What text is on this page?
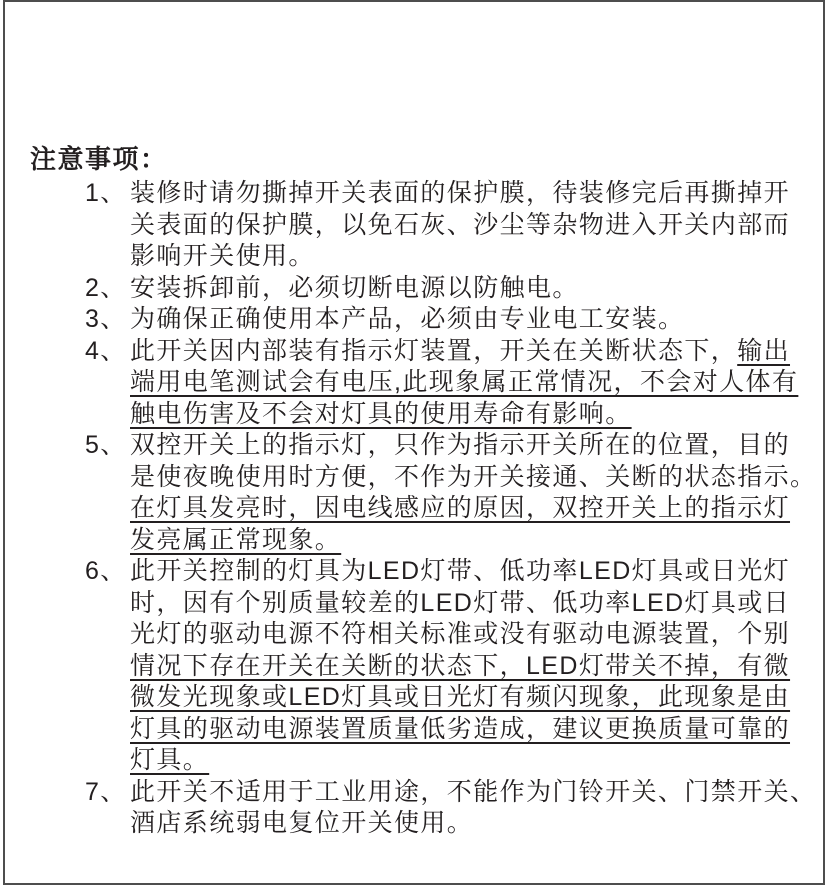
注意事项：
1、 装修时请勿撕掉开关表面的保护膜，待装修完后再撕掉开
关表面的保护膜，以免石灰、沙尘等杂物进入开关内部而
影响开关使用。
2、 安装拆卸前，必须切断电源以防触电。
3、 为确保正确使用本产品，必须由专业电工安装。
4、 此开关因内部装有指示灯装置，开关在关断状态下，输出
端用电笔测试会有电压,此现象属正常情况，不会对人体有
触电伤害及不会对灯具的使用寿命有影响。
5、 双控开关上的指示灯，只作为指示开关所在的位置，目的
是使夜晚使用时方便，不作为开关接通、关断的状态指示。
在灯具发亮时，因电线感应的原因，双控开关上的指示灯
发亮属正常现象。
6、 此开关控制的灯具为LED灯带、低功率LED灯具或日光灯
时，因有个别质量较差的LED灯带、低功率LED灯具或日
光灯的驱动电源不符相关标准或没有驱动电源装置，个别
情况下存在开关在关断的状态下，LED灯带关不掉，有微
微发光现象或LED灯具或日光灯有频闪现象，此现象是由
灯具的驱动电源装置质量低劣造成，建议更换质量可靠的
灯具。
7、 此开关不适用于工业用途，不能作为门铃开关、门禁开关、
酒店系统弱电复位开关使用。
